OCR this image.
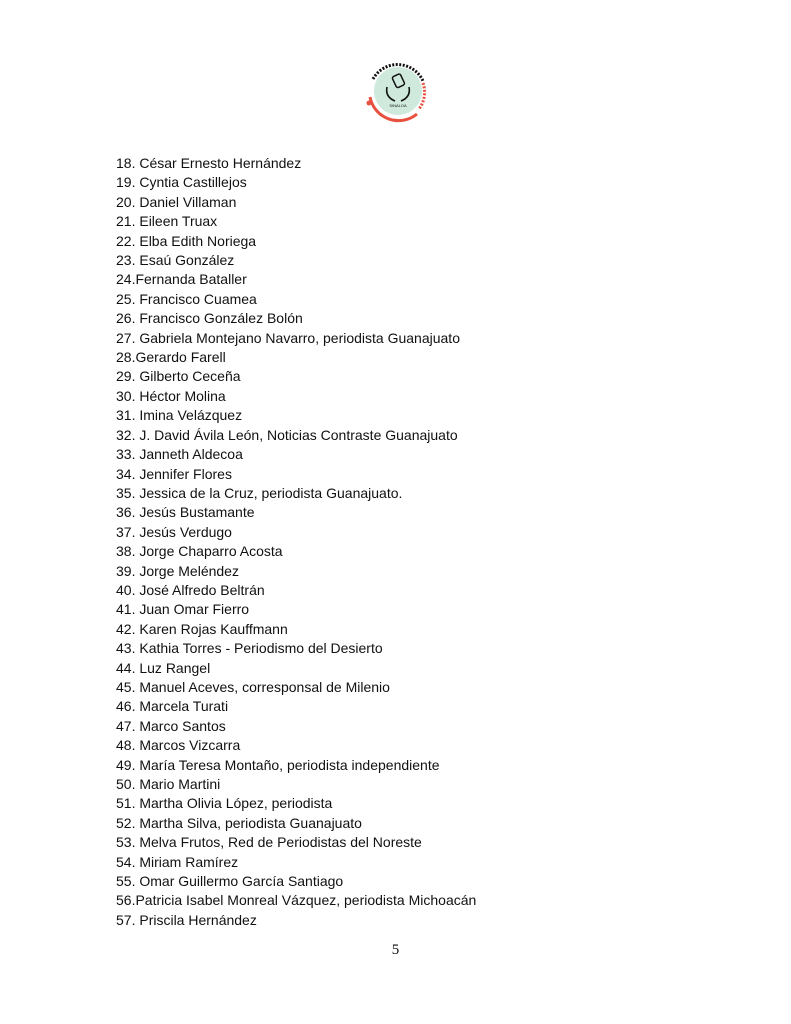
SINALOA
18. César Ernesto Hernández
19. Cyntia Castillejos
20. Daniel Villaman
21. Eileen Truax
22. Elba Edith Noriega
23. Esaú González
24.Fernanda Bataller
25. Francisco Cuamea
26. Francisco González Bolón
27. Gabriela Montejano Navarro, periodista Guanajuato
28.Gerardo Farell
29. Gilberto Ceceña
30. Héctor Molina
31. Imina Velázquez
32. J. David Ávila León, Noticias Contraste Guanajuato
33. Janneth Aldecoa
34. Jennifer Flores
35. Jessica de la Cruz, periodista Guanajuato.
36. Jesús Bustamante
37. Jesús Verdugo
38. Jorge Chaparro Acosta
39. Jorge Meléndez
40. José Alfredo Beltrán
41. Juan Omar Fierro
42. Karen Rojas Kauffmann
43. Kathia Torres - Periodismo del Desierto
44. Luz Rangel
45. Manuel Aceves, corresponsal de Milenio
46. Marcela Turati
47. Marco Santos
48. Marcos Vizcarra
49. María Teresa Montaño, periodista independiente
50. Mario Martini
51. Martha Olivia López, periodista
52. Martha Silva, periodista Guanajuato
53. Melva Frutos, Red de Periodistas del Noreste
54. Miriam Ramírez
55. Omar Guillermo García Santiago
56.Patricia Isabel Monreal Vázquez, periodista Michoacán
57. Priscila Hernández
5
